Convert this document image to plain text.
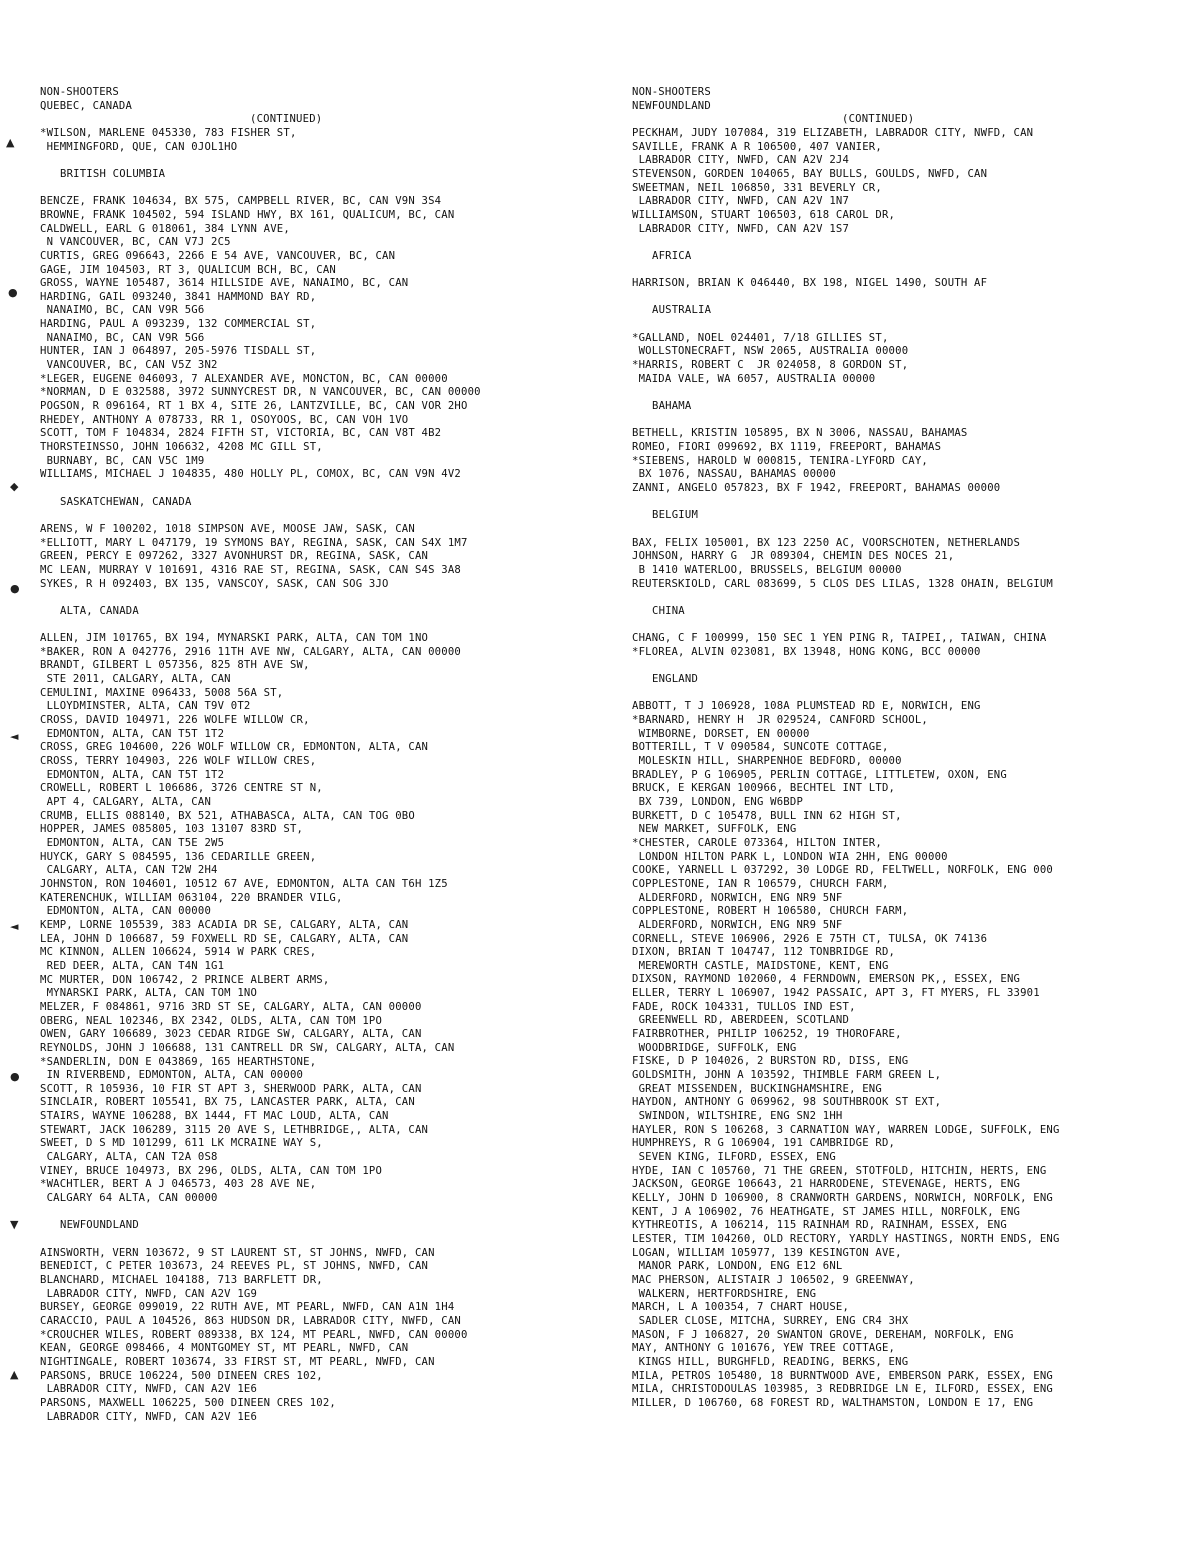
▲
●
◆
●
◄
◄
●
▼
▲
NON-SHOOTERS
QUEBEC, CANADA
(CONTINUED)
*WILSON, MARLENE 045330, 783 FISHER ST,
HEMMINGFORD, QUE, CAN 0JOL1HO
BRITISH COLUMBIA
BENCZE, FRANK 104634, BX 575, CAMPBELL RIVER, BC, CAN V9N 3S4
BROWNE, FRANK 104502, 594 ISLAND HWY, BX 161, QUALICUM, BC, CAN
CALDWELL, EARL G 018061, 384 LYNN AVE,
N VANCOUVER, BC, CAN V7J 2C5
CURTIS, GREG 096643, 2266 E 54 AVE, VANCOUVER, BC, CAN
GAGE, JIM 104503, RT 3, QUALICUM BCH, BC, CAN
GROSS, WAYNE 105487, 3614 HILLSIDE AVE, NANAIMO, BC, CAN
HARDING, GAIL 093240, 3841 HAMMOND BAY RD,
NANAIMO, BC, CAN V9R 5G6
HARDING, PAUL A 093239, 132 COMMERCIAL ST,
NANAIMO, BC, CAN V9R 5G6
HUNTER, IAN J 064897, 205-5976 TISDALL ST,
VANCOUVER, BC, CAN V5Z 3N2
*LEGER, EUGENE 046093, 7 ALEXANDER AVE, MONCTON, BC, CAN 00000
*NORMAN, D E 032588, 3972 SUNNYCREST DR, N VANCOUVER, BC, CAN 00000
POGSON, R 096164, RT 1 BX 4, SITE 26, LANTZVILLE, BC, CAN VOR 2HO
RHEDEY, ANTHONY A 078733, RR 1, OSOYOOS, BC, CAN VOH 1VO
SCOTT, TOM F 104834, 2824 FIFTH ST, VICTORIA, BC, CAN V8T 4B2
THORSTEINSSO, JOHN 106632, 4208 MC GILL ST,
BURNABY, BC, CAN V5C 1M9
WILLIAMS, MICHAEL J 104835, 480 HOLLY PL, COMOX, BC, CAN V9N 4V2
SASKATCHEWAN, CANADA
ARENS, W F 100202, 1018 SIMPSON AVE, MOOSE JAW, SASK, CAN
*ELLIOTT, MARY L 047179, 19 SYMONS BAY, REGINA, SASK, CAN S4X 1M7
GREEN, PERCY E 097262, 3327 AVONHURST DR, REGINA, SASK, CAN
MC LEAN, MURRAY V 101691, 4316 RAE ST, REGINA, SASK, CAN S4S 3A8
SYKES, R H 092403, BX 135, VANSCOY, SASK, CAN SOG 3JO
ALTA, CANADA
ALLEN, JIM 101765, BX 194, MYNARSKI PARK, ALTA, CAN TOM 1NO
*BAKER, RON A 042776, 2916 11TH AVE NW, CALGARY, ALTA, CAN 00000
BRANDT, GILBERT L 057356, 825 8TH AVE SW,
STE 2011, CALGARY, ALTA, CAN
CEMULINI, MAXINE 096433, 5008 56A ST,
LLOYDMINSTER, ALTA, CAN T9V 0T2
CROSS, DAVID 104971, 226 WOLFE WILLOW CR,
EDMONTON, ALTA, CAN T5T 1T2
CROSS, GREG 104600, 226 WOLF WILLOW CR, EDMONTON, ALTA, CAN
CROSS, TERRY 104903, 226 WOLF WILLOW CRES,
EDMONTON, ALTA, CAN T5T 1T2
CROWELL, ROBERT L 106686, 3726 CENTRE ST N,
APT 4, CALGARY, ALTA, CAN
CRUMB, ELLIS 088140, BX 521, ATHABASCA, ALTA, CAN TOG 0BO
HOPPER, JAMES 085805, 103 13107 83RD ST,
EDMONTON, ALTA, CAN T5E 2W5
HUYCK, GARY S 084595, 136 CEDARILLE GREEN,
CALGARY, ALTA, CAN T2W 2H4
JOHNSTON, RON 104601, 10512 67 AVE, EDMONTON, ALTA CAN T6H 1Z5
KATERENCHUK, WILLIAM 063104, 220 BRANDER VILG,
EDMONTON, ALTA, CAN 00000
KEMP, LORNE 105539, 383 ACADIA DR SE, CALGARY, ALTA, CAN
LEA, JOHN D 106687, 59 FOXWELL RD SE, CALGARY, ALTA, CAN
MC KINNON, ALLEN 106624, 5914 W PARK CRES,
RED DEER, ALTA, CAN T4N 1G1
MC MURTER, DON 106742, 2 PRINCE ALBERT ARMS,
MYNARSKI PARK, ALTA, CAN TOM 1NO
MELZER, F 084861, 9716 3RD ST SE, CALGARY, ALTA, CAN 00000
OBERG, NEAL 102346, BX 2342, OLDS, ALTA, CAN TOM 1PO
OWEN, GARY 106689, 3023 CEDAR RIDGE SW, CALGARY, ALTA, CAN
REYNOLDS, JOHN J 106688, 131 CANTRELL DR SW, CALGARY, ALTA, CAN
*SANDERLIN, DON E 043869, 165 HEARTHSTONE,
IN RIVERBEND, EDMONTON, ALTA, CAN 00000
SCOTT, R 105936, 10 FIR ST APT 3, SHERWOOD PARK, ALTA, CAN
SINCLAIR, ROBERT 105541, BX 75, LANCASTER PARK, ALTA, CAN
STAIRS, WAYNE 106288, BX 1444, FT MAC LOUD, ALTA, CAN
STEWART, JACK 106289, 3115 20 AVE S, LETHBRIDGE,, ALTA, CAN
SWEET, D S MD 101299, 611 LK MCRAINE WAY S,
CALGARY, ALTA, CAN T2A 0S8
VINEY, BRUCE 104973, BX 296, OLDS, ALTA, CAN TOM 1PO
*WACHTLER, BERT A J 046573, 403 28 AVE NE,
CALGARY 64 ALTA, CAN 00000
NEWFOUNDLAND
AINSWORTH, VERN 103672, 9 ST LAURENT ST, ST JOHNS, NWFD, CAN
BENEDICT, C PETER 103673, 24 REEVES PL, ST JOHNS, NWFD, CAN
BLANCHARD, MICHAEL 104188, 713 BARFLETT DR,
LABRADOR CITY, NWFD, CAN A2V 1G9
BURSEY, GEORGE 099019, 22 RUTH AVE, MT PEARL, NWFD, CAN A1N 1H4
CARACCIO, PAUL A 104526, 863 HUDSON DR, LABRADOR CITY, NWFD, CAN
*CROUCHER WILES, ROBERT 089338, BX 124, MT PEARL, NWFD, CAN 00000
KEAN, GEORGE 098466, 4 MONTGOMEY ST, MT PEARL, NWFD, CAN
NIGHTINGALE, ROBERT 103674, 33 FIRST ST, MT PEARL, NWFD, CAN
PARSONS, BRUCE 106224, 500 DINEEN CRES 102,
LABRADOR CITY, NWFD, CAN A2V 1E6
PARSONS, MAXWELL 106225, 500 DINEEN CRES 102,
LABRADOR CITY, NWFD, CAN A2V 1E6
NON-SHOOTERS
NEWFOUNDLAND
(CONTINUED)
PECKHAM, JUDY 107084, 319 ELIZABETH, LABRADOR CITY, NWFD, CAN
SAVILLE, FRANK A R 106500, 407 VANIER,
LABRADOR CITY, NWFD, CAN A2V 2J4
STEVENSON, GORDEN 104065, BAY BULLS, GOULDS, NWFD, CAN
SWEETMAN, NEIL 106850, 331 BEVERLY CR,
LABRADOR CITY, NWFD, CAN A2V 1N7
WILLIAMSON, STUART 106503, 618 CAROL DR,
LABRADOR CITY, NWFD, CAN A2V 1S7
AFRICA
HARRISON, BRIAN K 046440, BX 198, NIGEL 1490, SOUTH AF
AUSTRALIA
*GALLAND, NOEL 024401, 7/18 GILLIES ST,
WOLLSTONECRAFT, NSW 2065, AUSTRALIA 00000
*HARRIS, ROBERT C  JR 024058, 8 GORDON ST,
MAIDA VALE, WA 6057, AUSTRALIA 00000
BAHAMA
BETHELL, KRISTIN 105895, BX N 3006, NASSAU, BAHAMAS
ROMEO, FIORI 099692, BX 1119, FREEPORT, BAHAMAS
*SIEBENS, HAROLD W 000815, TENIRA-LYFORD CAY,
BX 1076, NASSAU, BAHAMAS 00000
ZANNI, ANGELO 057823, BX F 1942, FREEPORT, BAHAMAS 00000
BELGIUM
BAX, FELIX 105001, BX 123 2250 AC, VOORSCHOTEN, NETHERLANDS
JOHNSON, HARRY G  JR 089304, CHEMIN DES NOCES 21,
B 1410 WATERLOO, BRUSSELS, BELGIUM 00000
REUTERSKIOLD, CARL 083699, 5 CLOS DES LILAS, 1328 OHAIN, BELGIUM
CHINA
CHANG, C F 100999, 150 SEC 1 YEN PING R, TAIPEI,, TAIWAN, CHINA
*FLOREA, ALVIN 023081, BX 13948, HONG KONG, BCC 00000
ENGLAND
ABBOTT, T J 106928, 108A PLUMSTEAD RD E, NORWICH, ENG
*BARNARD, HENRY H  JR 029524, CANFORD SCHOOL,
WIMBORNE, DORSET, EN 00000
BOTTERILL, T V 090584, SUNCOTE COTTAGE,
MOLESKIN HILL, SHARPENHOE BEDFORD, 00000
BRADLEY, P G 106905, PERLIN COTTAGE, LITTLETEW, OXON, ENG
BRUCK, E KERGAN 100966, BECHTEL INT LTD,
BX 739, LONDON, ENG W6BDP
BURKETT, D C 105478, BULL INN 62 HIGH ST,
NEW MARKET, SUFFOLK, ENG
*CHESTER, CAROLE 073364, HILTON INTER,
LONDON HILTON PARK L, LONDON WIA 2HH, ENG 00000
COOKE, YARNELL L 037292, 30 LODGE RD, FELTWELL, NORFOLK, ENG 000
COPPLESTONE, IAN R 106579, CHURCH FARM,
ALDERFORD, NORWICH, ENG NR9 5NF
COPPLESTONE, ROBERT H 106580, CHURCH FARM,
ALDERFORD, NORWICH, ENG NR9 5NF
CORNELL, STEVE 106906, 2926 E 75TH CT, TULSA, OK 74136
DIXON, BRIAN T 104747, 112 TONBRIDGE RD,
MEREWORTH CASTLE, MAIDSTONE, KENT, ENG
DIXSON, RAYMOND 102060, 4 FERNDOWN, EMERSON PK,, ESSEX, ENG
ELLER, TERRY L 106907, 1942 PASSAIC, APT 3, FT MYERS, FL 33901
FADE, ROCK 104331, TULLOS IND EST,
GREENWELL RD, ABERDEEN, SCOTLAND
FAIRBROTHER, PHILIP 106252, 19 THOROFARE,
WOODBRIDGE, SUFFOLK, ENG
FISKE, D P 104026, 2 BURSTON RD, DISS, ENG
GOLDSMITH, JOHN A 103592, THIMBLE FARM GREEN L,
GREAT MISSENDEN, BUCKINGHAMSHIRE, ENG
HAYDON, ANTHONY G 069962, 98 SOUTHBROOK ST EXT,
SWINDON, WILTSHIRE, ENG SN2 1HH
HAYLER, RON S 106268, 3 CARNATION WAY, WARREN LODGE, SUFFOLK, ENG
HUMPHREYS, R G 106904, 191 CAMBRIDGE RD,
SEVEN KING, ILFORD, ESSEX, ENG
HYDE, IAN C 105760, 71 THE GREEN, STOTFOLD, HITCHIN, HERTS, ENG
JACKSON, GEORGE 106643, 21 HARRODENE, STEVENAGE, HERTS, ENG
KELLY, JOHN D 106900, 8 CRANWORTH GARDENS, NORWICH, NORFOLK, ENG
KENT, J A 106902, 76 HEATHGATE, ST JAMES HILL, NORFOLK, ENG
KYTHREOTIS, A 106214, 115 RAINHAM RD, RAINHAM, ESSEX, ENG
LESTER, TIM 104260, OLD RECTORY, YARDLY HASTINGS, NORTH ENDS, ENG
LOGAN, WILLIAM 105977, 139 KESINGTON AVE,
MANOR PARK, LONDON, ENG E12 6NL
MAC PHERSON, ALISTAIR J 106502, 9 GREENWAY,
WALKERN, HERTFORDSHIRE, ENG
MARCH, L A 100354, 7 CHART HOUSE,
SADLER CLOSE, MITCHA, SURREY, ENG CR4 3HX
MASON, F J 106827, 20 SWANTON GROVE, DEREHAM, NORFOLK, ENG
MAY, ANTHONY G 101676, YEW TREE COTTAGE,
KINGS HILL, BURGHFLD, READING, BERKS, ENG
MILA, PETROS 105480, 18 BURNTWOOD AVE, EMBERSON PARK, ESSEX, ENG
MILA, CHRISTODOULAS 103985, 3 REDBRIDGE LN E, ILFORD, ESSEX, ENG
MILLER, D 106760, 68 FOREST RD, WALTHAMSTON, LONDON E 17, ENG
